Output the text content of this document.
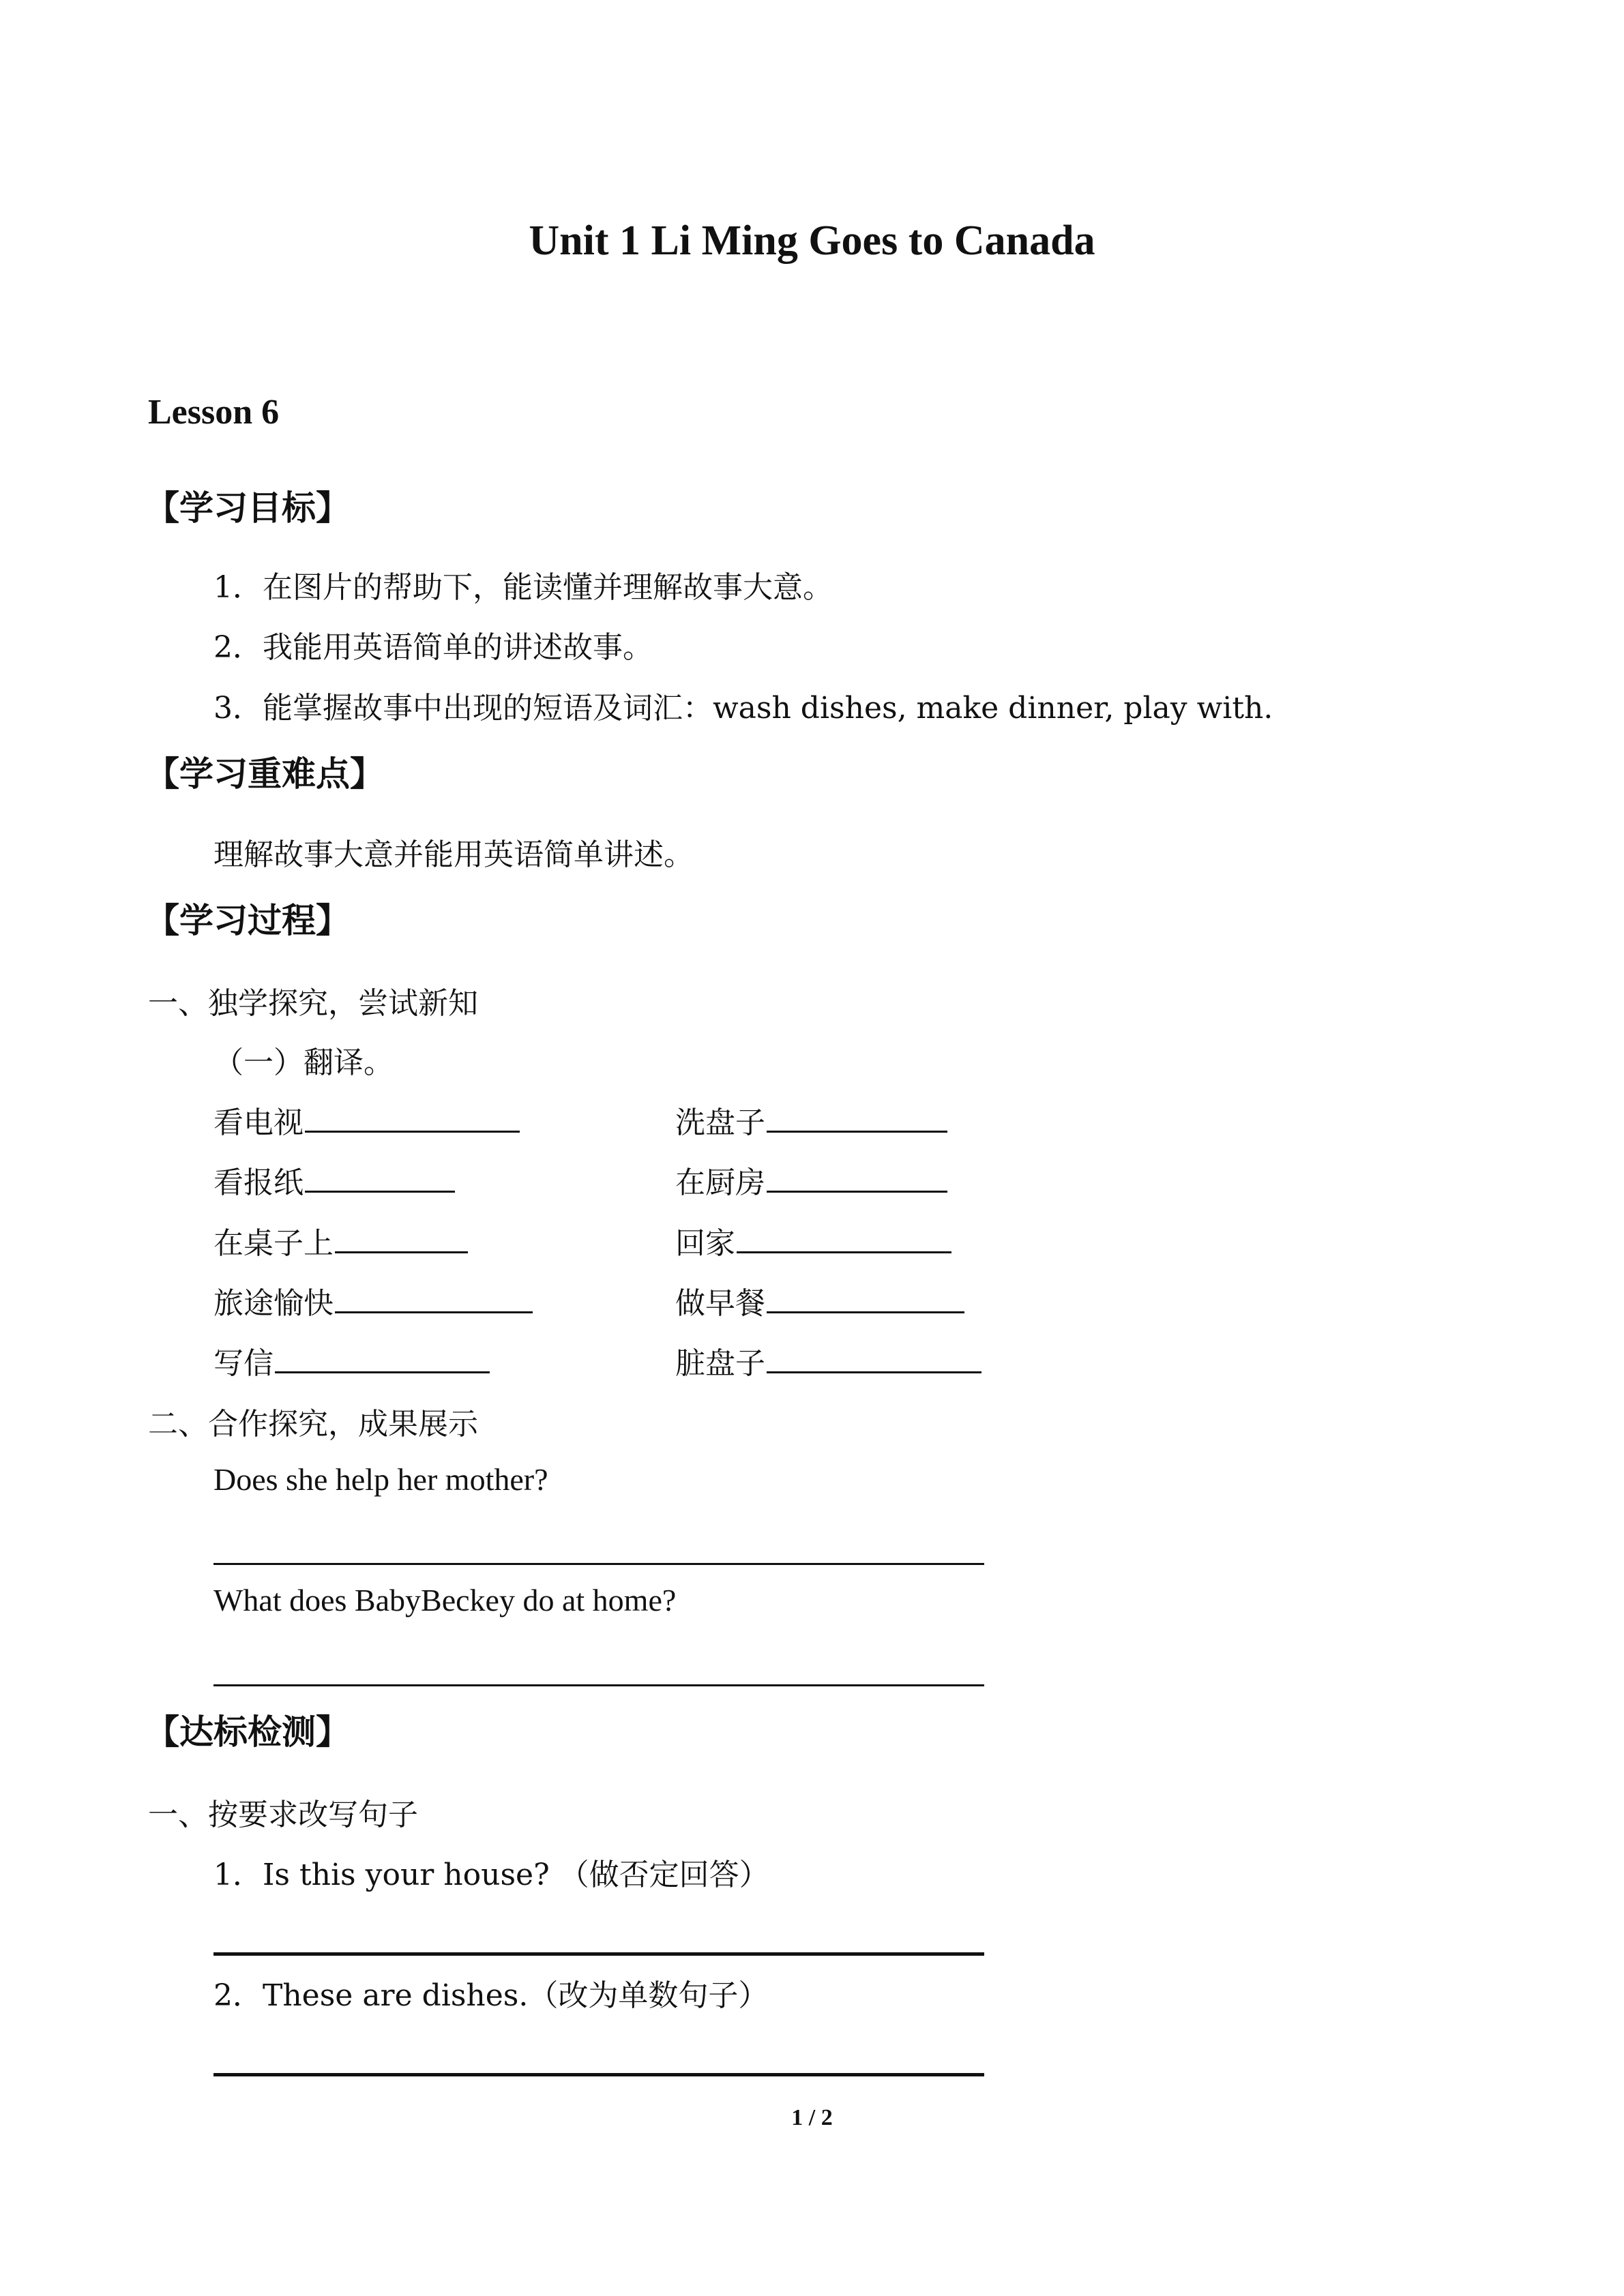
Unit 1 Li Ming Goes to Canada
Lesson 6
【学习目标】
1．在图片的帮助下，能读懂并理解故事大意。
2．我能用英语简单的讲述故事。
3．能掌握故事中出现的短语及词汇：wash dishes, make dinner, play with.
【学习重难点】
理解故事大意并能用英语简单讲述。
【学习过程】
一、独学探究，尝试新知
（一）翻译。
看电视
看报纸
在桌子上
旅途愉快
写信
洗盘子
在厨房
回家
做早餐
脏盘子
二、合作探究，成果展示
Does she help her mother?
What does BabyBeckey do at home?
【达标检测】
一、按要求改写句子
1．Is this your house? （做否定回答）
2．These are dishes.（改为单数句子）
1 / 2
